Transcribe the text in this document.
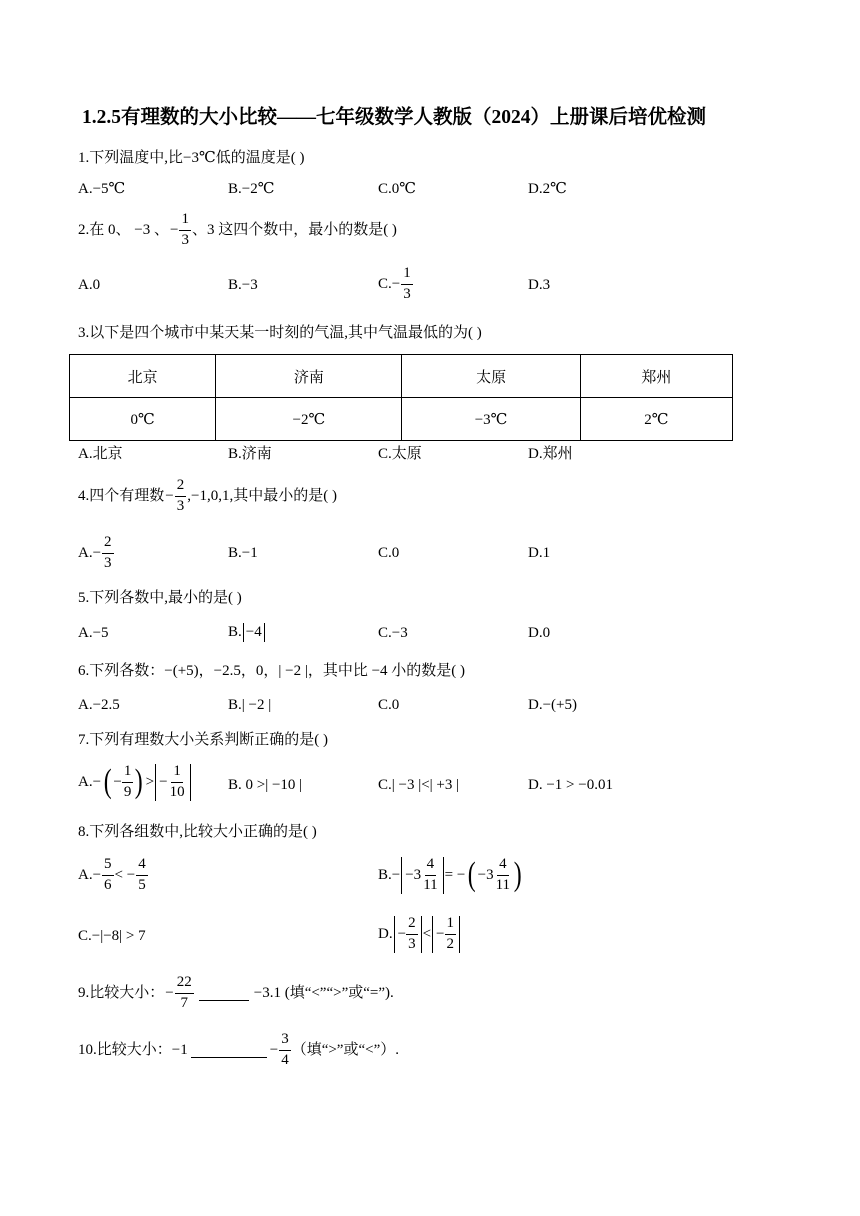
1.2.5有理数的大小比较——七年级数学人教版（2024）上册课后培优检测
1.下列温度中,比−3℃低的温度是( )
A.−5℃	B.−2℃	C.0℃	D.2℃
2.在 0、 −3 、 − $\frac{1}{3}$ 、3 这四个数中，最小的数是( )
A.0	B.−3	$C.- \frac{1}{3}$	D.3
3.以下是四个城市中某天某一时刻的气温,其中气温最低的为( )
北京	济南	太原	郑州
0℃	−2℃	−3℃	2℃
A.北京	B.济南	C.太原	D.郑州
4.四个有理数 − $\frac{2}{3} ,-1,0,1$,其中最小的是( )
$A.- \frac{2}{3}$	B.−1	C.0	D.1
5.下列各数中,最小的是( )
A.−5	B. −4	C.−3	D.0
6.下列各数：−(+5)，−2.5，0，| −2 |，其中比 −4 小的数是( )
A.−2.5	B.| −2 |	C.0	D.−(+5)
7.下列有理数大小关系判断正确的是( )
A.− ( − $\frac{1}{9}$ ) > − $\frac{1}{10}$	B. 0 >| −10 |	C.| −3 |<| +3 |	D. −1 > −0.01
8.下列各组数中,比较大小正确的是( )
$A.- \frac{5}{6}$ < − $\frac{4}{5}$	$B.- -3 \frac{4}{11}$ = − ( $-3 \frac{4}{11}$ )
C.−|−8| > 7	D. − $\frac{2}{3}$ < − $\frac{1}{2}$
9.比较大小： − $\frac{22}{7}$	−3.1 (填“<”“>”或“=”).
10.比较大小：−1	− $\frac{3}{4}$ （填“>”或“<”）.
